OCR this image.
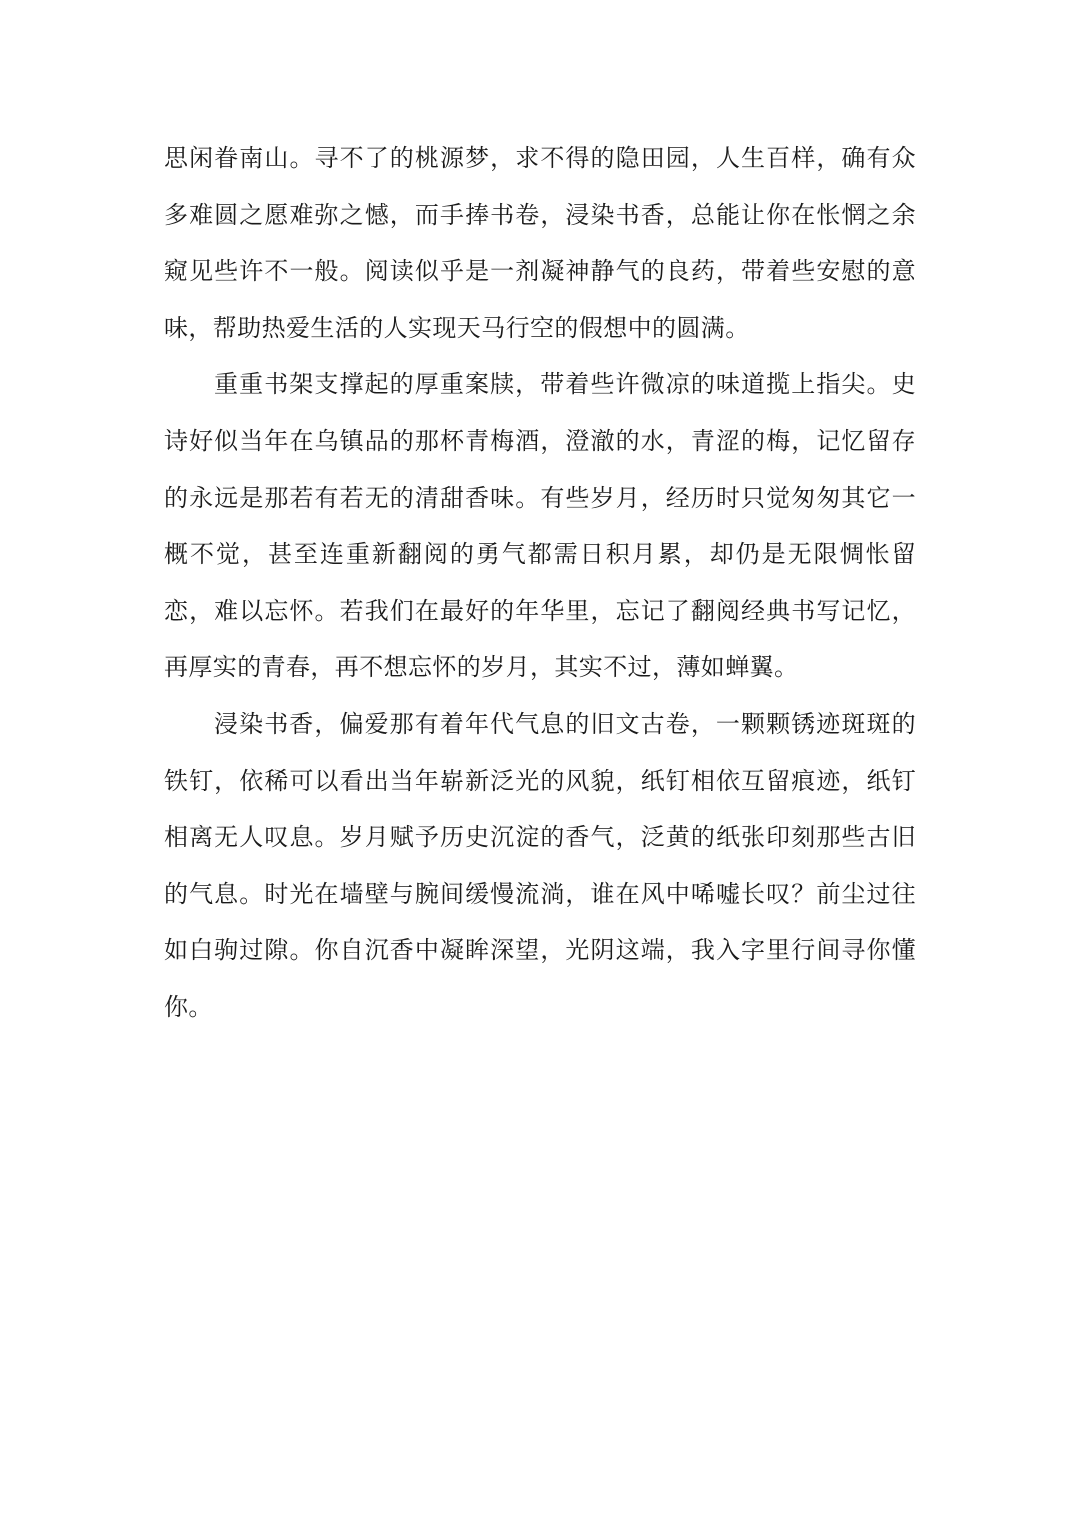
思闲眷南山。寻不了的桃源梦，求不得的隐田园，人生百样，确有众多难圆之愿难弥之憾，而手捧书卷，浸染书香，总能让你在怅惘之余窥见些许不一般。阅读似乎是一剂凝神静气的良药，带着些安慰的意味，帮助热爱生活的人实现天马行空的假想中的圆满。

重重书架支撑起的厚重案牍，带着些许微凉的味道揽上指尖。史诗好似当年在乌镇品的那杯青梅酒，澄澈的水，青涩的梅，记忆留存的永远是那若有若无的清甜香味。有些岁月，经历时只觉匆匆其它一概不觉，甚至连重新翻阅的勇气都需日积月累，却仍是无限惆怅留恋，难以忘怀。若我们在最好的年华里，忘记了翻阅经典书写记忆，再厚实的青春，再不想忘怀的岁月，其实不过，薄如蝉翼。

浸染书香，偏爱那有着年代气息的旧文古卷，一颗颗锈迹斑斑的铁钉，依稀可以看出当年崭新泛光的风貌，纸钉相依互留痕迹，纸钉相离无人叹息。岁月赋予历史沉淀的香气，泛黄的纸张印刻那些古旧的气息。时光在墙壁与腕间缓慢流淌，谁在风中唏嘘长叹？前尘过往如白驹过隙。你自沉香中凝眸深望，光阴这端，我入字里行间寻你懂你。
